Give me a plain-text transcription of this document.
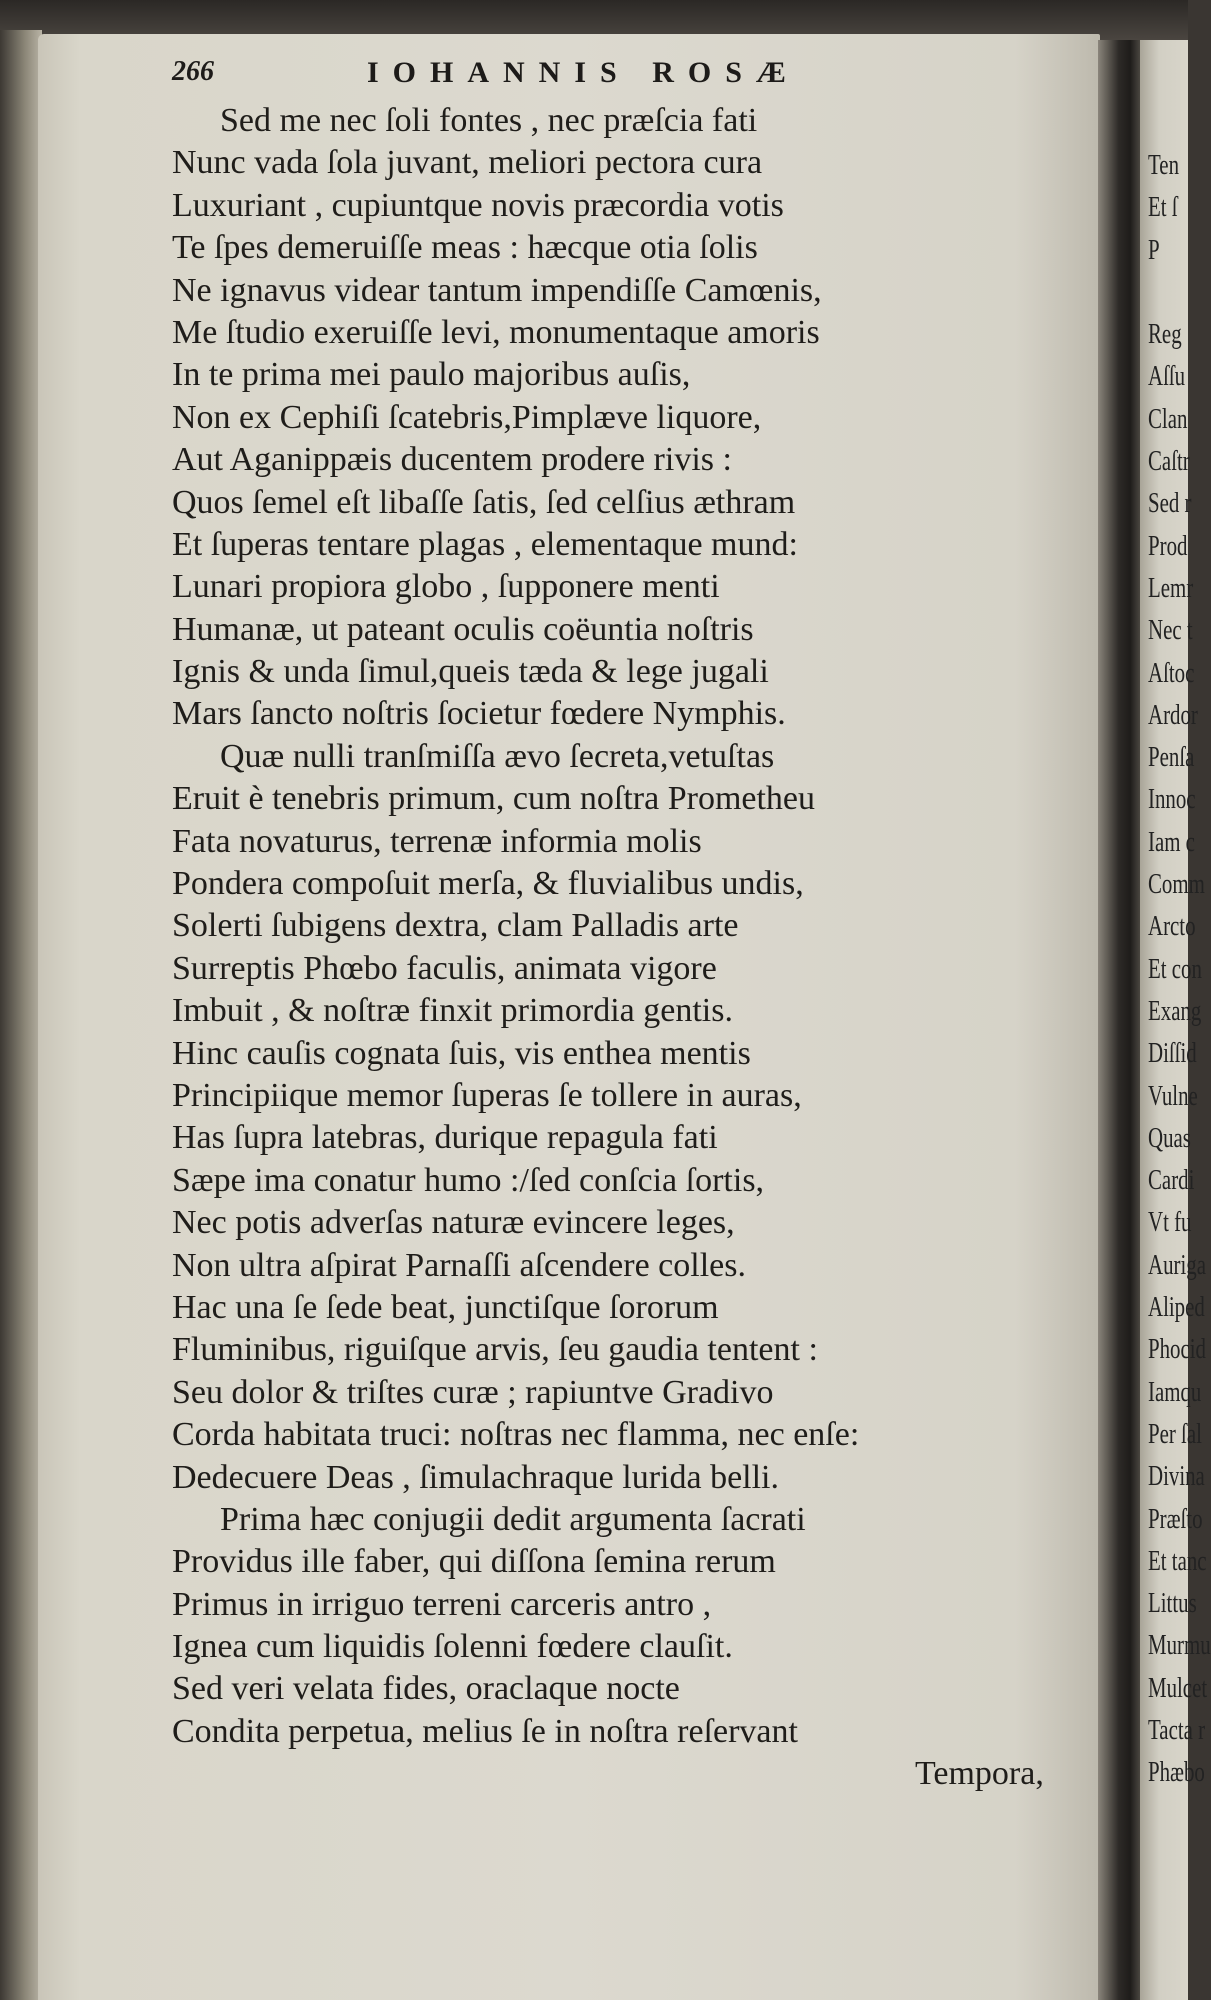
Ten
Et ſ
P
Reg
Aſſu
Clan
Caſtr
Sed r
Prod
Lemr
Nec t
Aſtoc
Ardor
Penſa
Innoc
Iam c
Comm
Arcto
Et con
Exang
Diſſid
Vulne
Quas
Cardi
Vt fu
Auriga
Aliped
Phocid
Iamqu
Per ſal
Divina
Præſto
Et tanc
Littus
Murmu
Mulcet
Tacta r
Phæbo
266	IOHANNIS ROSÆ
Sed me nec ſoli fontes , nec præſcia fati
Nunc vada ſola juvant, meliori pectora cura
Luxuriant , cupiuntque novis præcordia votis
Te ſpes demeruiſſe meas : hæcque otia ſolis
Ne ignavus videar tantum impendiſſe Camœnis,
Me ſtudio exeruiſſe levi, monumentaque amoris
In te prima mei paulo majoribus auſis,
Non ex Cephiſi ſcatebris,Pimplæve liquore,
Aut Aganippæis ducentem prodere rivis :
Quos ſemel eſt libaſſe ſatis, ſed celſius æthram
Et ſuperas tentare plagas , elementaque mund:
Lunari propiora globo , ſupponere menti
Humanæ, ut pateant oculis coëuntia noſtris
Ignis & unda ſimul,queis tæda & lege jugali
Mars ſancto noſtris ſocietur fœdere Nymphis.
Quæ nulli tranſmiſſa ævo ſecreta,vetuſtas
Eruit è tenebris primum, cum noſtra Prometheu
Fata novaturus, terrenæ informia molis
Pondera compoſuit merſa, & fluvialibus undis,
Solerti ſubigens dextra, clam Palladis arte
Surreptis Phœbo faculis, animata vigore
Imbuit , & noſtræ finxit primordia gentis.
Hinc cauſis cognata ſuis, vis enthea mentis
Principiique memor ſuperas ſe tollere in auras,
Has ſupra latebras, durique repagula fati
Sæpe ima conatur humo :/ſed conſcia ſortis,
Nec potis adverſas naturæ evincere leges,
Non ultra aſpirat Parnaſſi aſcendere colles.
Hac una ſe ſede beat, junctiſque ſororum
Fluminibus, riguiſque arvis, ſeu gaudia tentent :
Seu dolor & triſtes curæ ; rapiuntve Gradivo
Corda habitata truci: noſtras nec flamma, nec enſe:
Dedecuere Deas , ſimulachraque lurida belli.
Prima hæc conjugii dedit argumenta ſacrati
Providus ille faber, qui diſſona ſemina rerum
Primus in irriguo terreni carceris antro ,
Ignea cum liquidis ſolenni fœdere clauſit.
Sed veri velata fides, oraclaque nocte
Condita perpetua, melius ſe in noſtra reſervant
Tempora,
